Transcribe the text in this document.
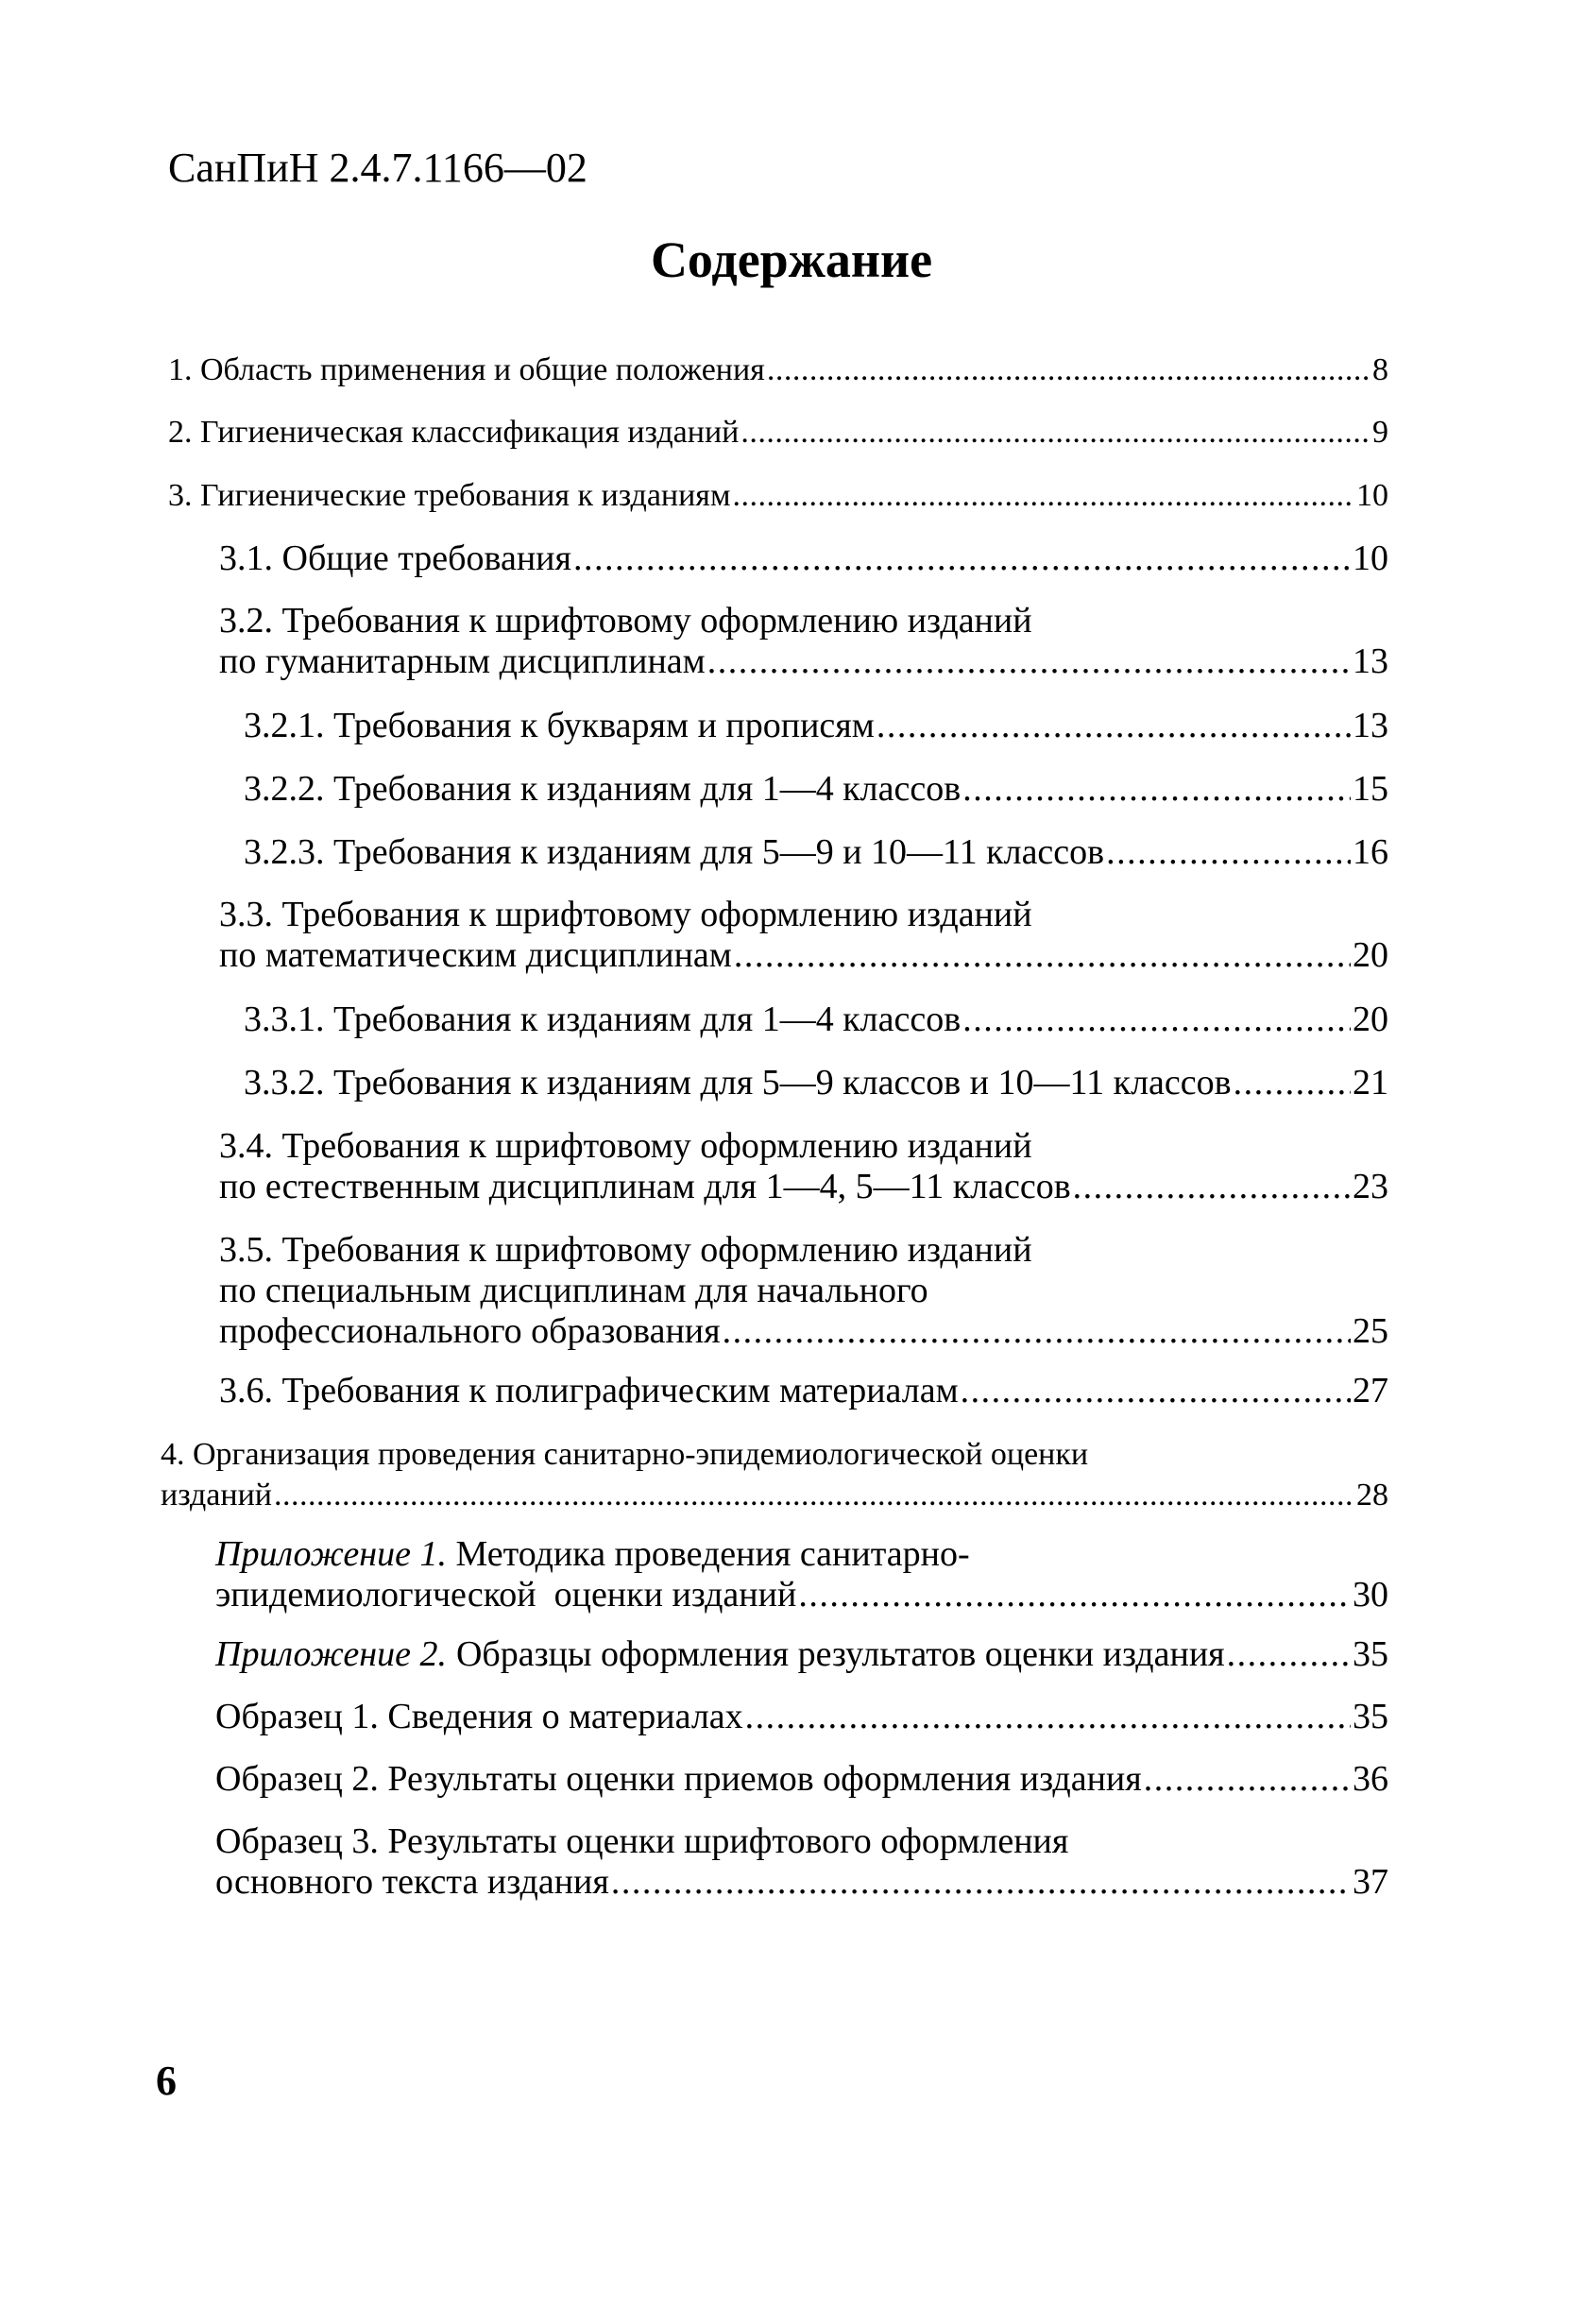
СанПиН 2.4.7.1166—02
Содержание
1. Область применения и общие положения . . .	8
2. Гигиеническая классификация изданий . . .	9
3. Гигиенические требования к изданиям . . .	10
3.1. Общие требования . . .	10
3.2. Требования к шрифтовому оформлению изданий
по гуманитарным дисциплинам . . .	13
3.2.1. Требования к букварям и прописям . . .	13
3.2.2. Требования к изданиям для 1—4 классов . . .	15
3.2.3. Требования к изданиям для 5—9 и 10—11 классов . . .	16
3.3. Требования к шрифтовому оформлению изданий
по математическим дисциплинам . . .	20
3.3.1. Требования к изданиям для 1—4 классов . . .	20
3.3.2. Требования к изданиям для 5—9 классов и 10—11 классов . . .	21
3.4. Требования к шрифтовому оформлению изданий
по естественным дисциплинам для 1—4, 5—11 классов . . .	23
3.5. Требования к шрифтовому оформлению изданий
по специальным дисциплинам для начального
профессионального образования . . .	25
3.6. Требования к полиграфическим материалам . . .	27
4. Организация проведения санитарно-эпидемиологической оценки
изданий . . .	28
Приложение 1. Методика проведения санитарно-
эпидемиологической  оценки изданий . . .	30
Приложение 2. Образцы оформления результатов оценки издания . . .	35
Образец 1. Сведения о материалах . . .	35
Образец 2. Результаты оценки приемов оформления издания . . .	36
Образец 3. Результаты оценки шрифтового оформления
основного текста издания . . .	37
6
